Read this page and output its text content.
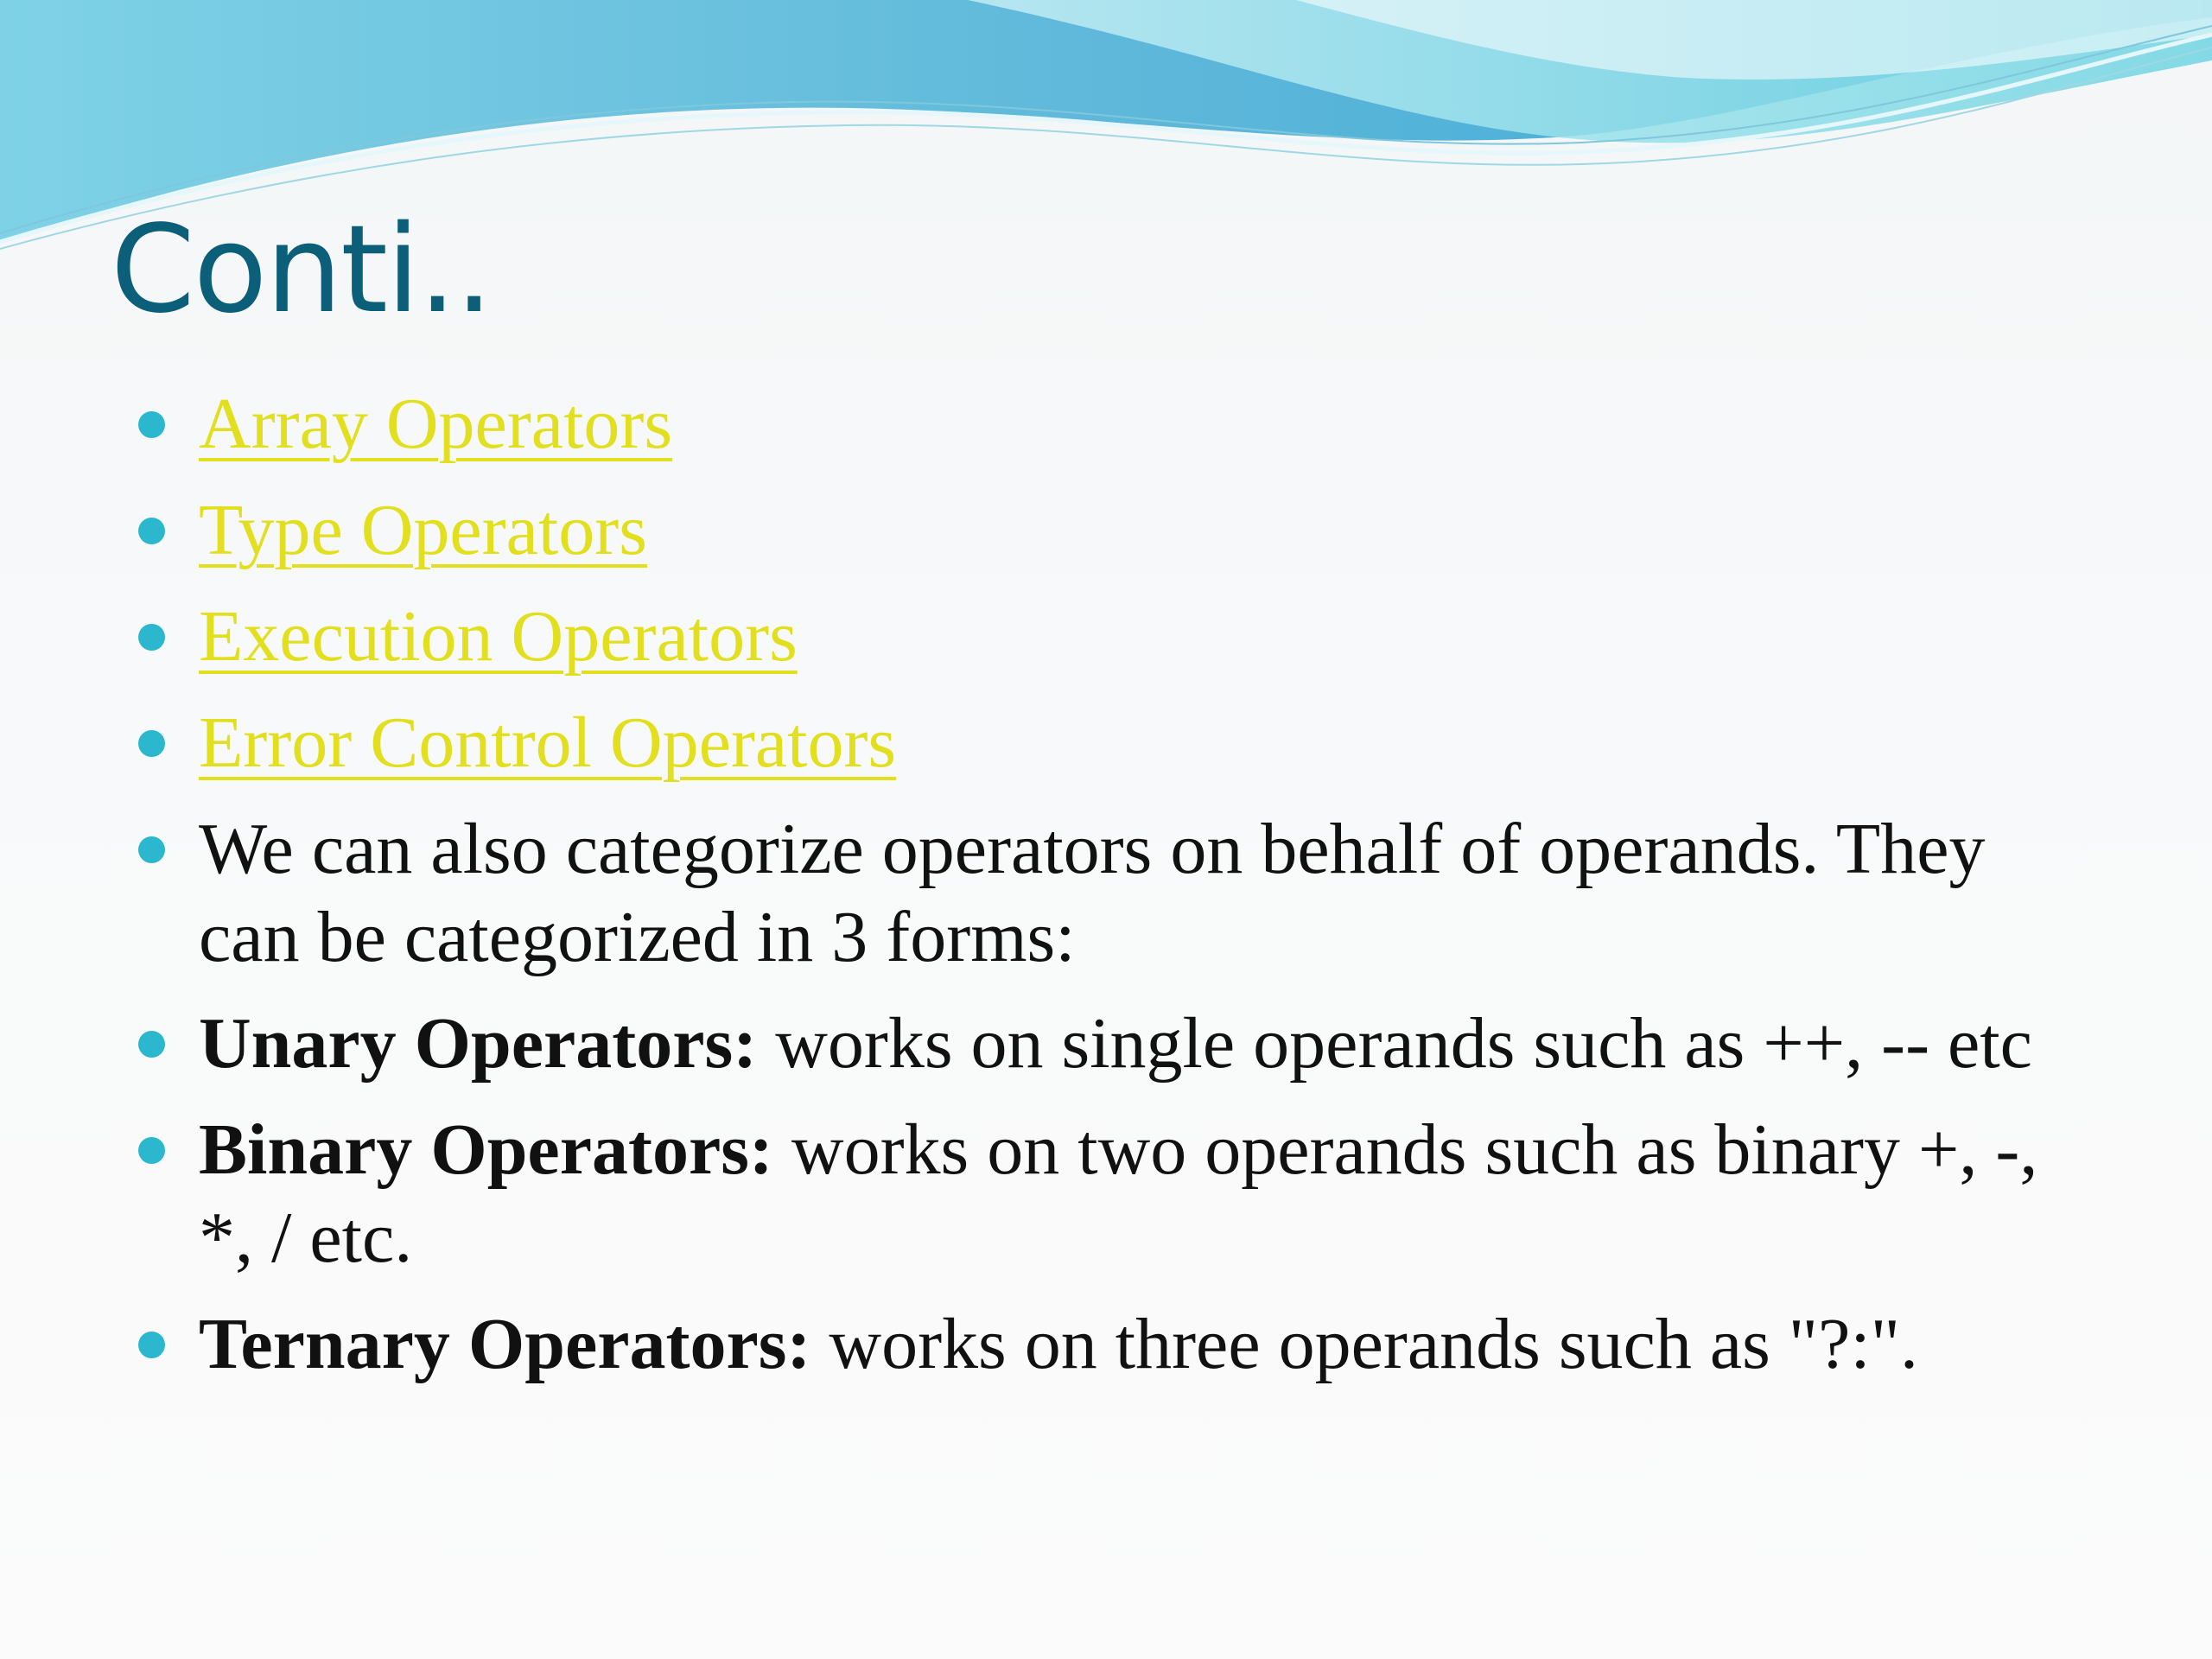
Conti..
Array Operators
Type Operators
Execution Operators
Error Control Operators
We can also categorize operators on behalf of operands. They can be categorized in 3 forms:
Unary Operators: works on single operands such as ++, -- etc
Binary Operators: works on two operands such as binary +, -, *, / etc.
Ternary Operators: works on three operands such as "?:".
